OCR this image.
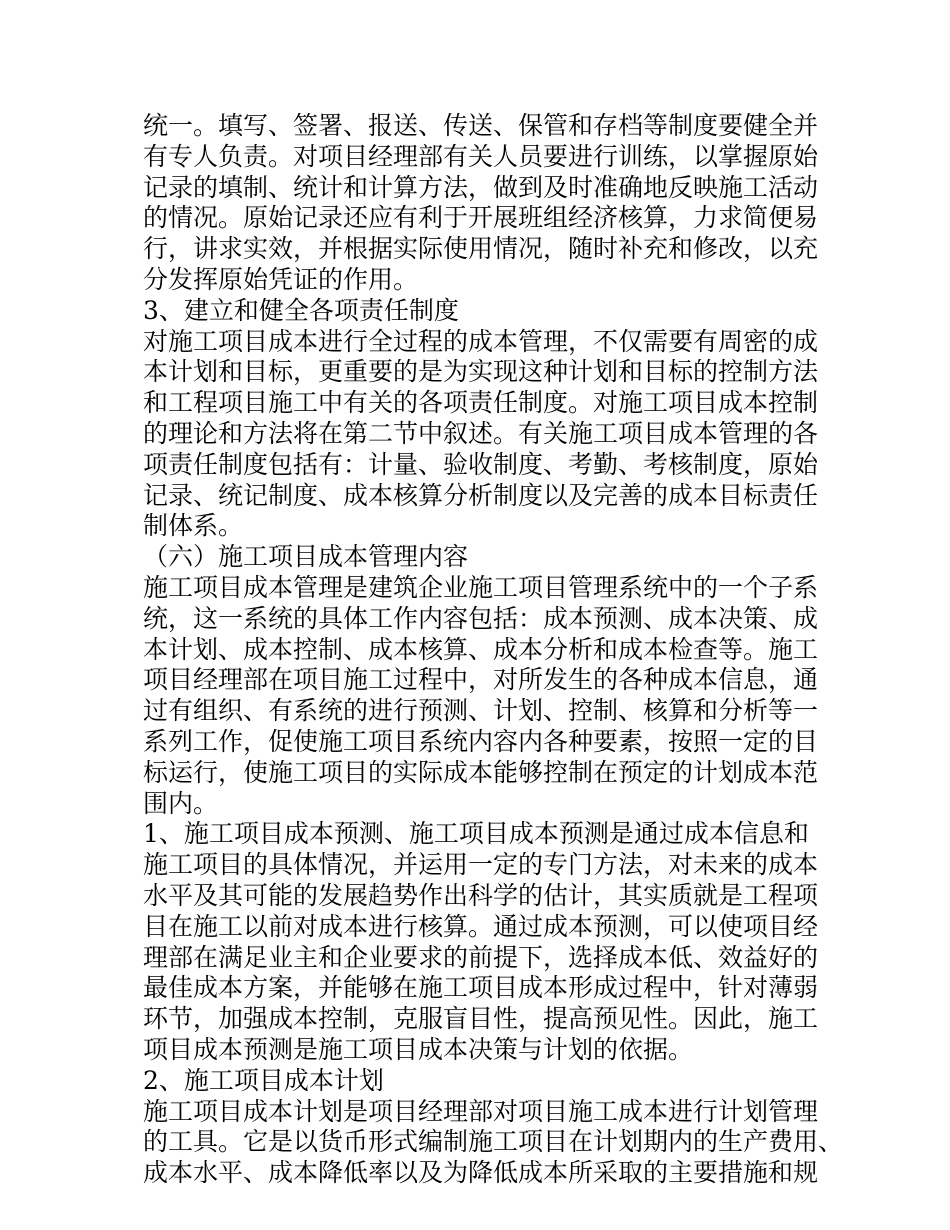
统一。填写、签署、报送、传送、保管和存档等制度要健全并
有专人负责。对项目经理部有关人员要进行训练，以掌握原始
记录的填制、统计和计算方法，做到及时准确地反映施工活动
的情况。原始记录还应有利于开展班组经济核算，力求简便易
行，讲求实效，并根据实际使用情况，随时补充和修改，以充
分发挥原始凭证的作用。
3、建立和健全各项责任制度
对施工项目成本进行全过程的成本管理，不仅需要有周密的成
本计划和目标，更重要的是为实现这种计划和目标的控制方法
和工程项目施工中有关的各项责任制度。对施工项目成本控制
的理论和方法将在第二节中叙述。有关施工项目成本管理的各
项责任制度包括有：计量、验收制度、考勤、考核制度，原始
记录、统记制度、成本核算分析制度以及完善的成本目标责任
制体系。
（六）施工项目成本管理内容
施工项目成本管理是建筑企业施工项目管理系统中的一个子系
统，这一系统的具体工作内容包括：成本预测、成本决策、成
本计划、成本控制、成本核算、成本分析和成本检查等。施工
项目经理部在项目施工过程中，对所发生的各种成本信息，通
过有组织、有系统的进行预测、计划、控制、核算和分析等一
系列工作，促使施工项目系统内容内各种要素，按照一定的目
标运行，使施工项目的实际成本能够控制在预定的计划成本范
围内。
1、施工项目成本预测、施工项目成本预测是通过成本信息和
施工项目的具体情况，并运用一定的专门方法，对未来的成本
水平及其可能的发展趋势作出科学的估计，其实质就是工程项
目在施工以前对成本进行核算。通过成本预测，可以使项目经
理部在满足业主和企业要求的前提下，选择成本低、效益好的
最佳成本方案，并能够在施工项目成本形成过程中，针对薄弱
环节，加强成本控制，克服盲目性，提高预见性。因此，施工
项目成本预测是施工项目成本决策与计划的依据。
2、施工项目成本计划
施工项目成本计划是项目经理部对项目施工成本进行计划管理
的工具。它是以货币形式编制施工项目在计划期内的生产费用、
成本水平、成本降低率以及为降低成本所采取的主要措施和规
